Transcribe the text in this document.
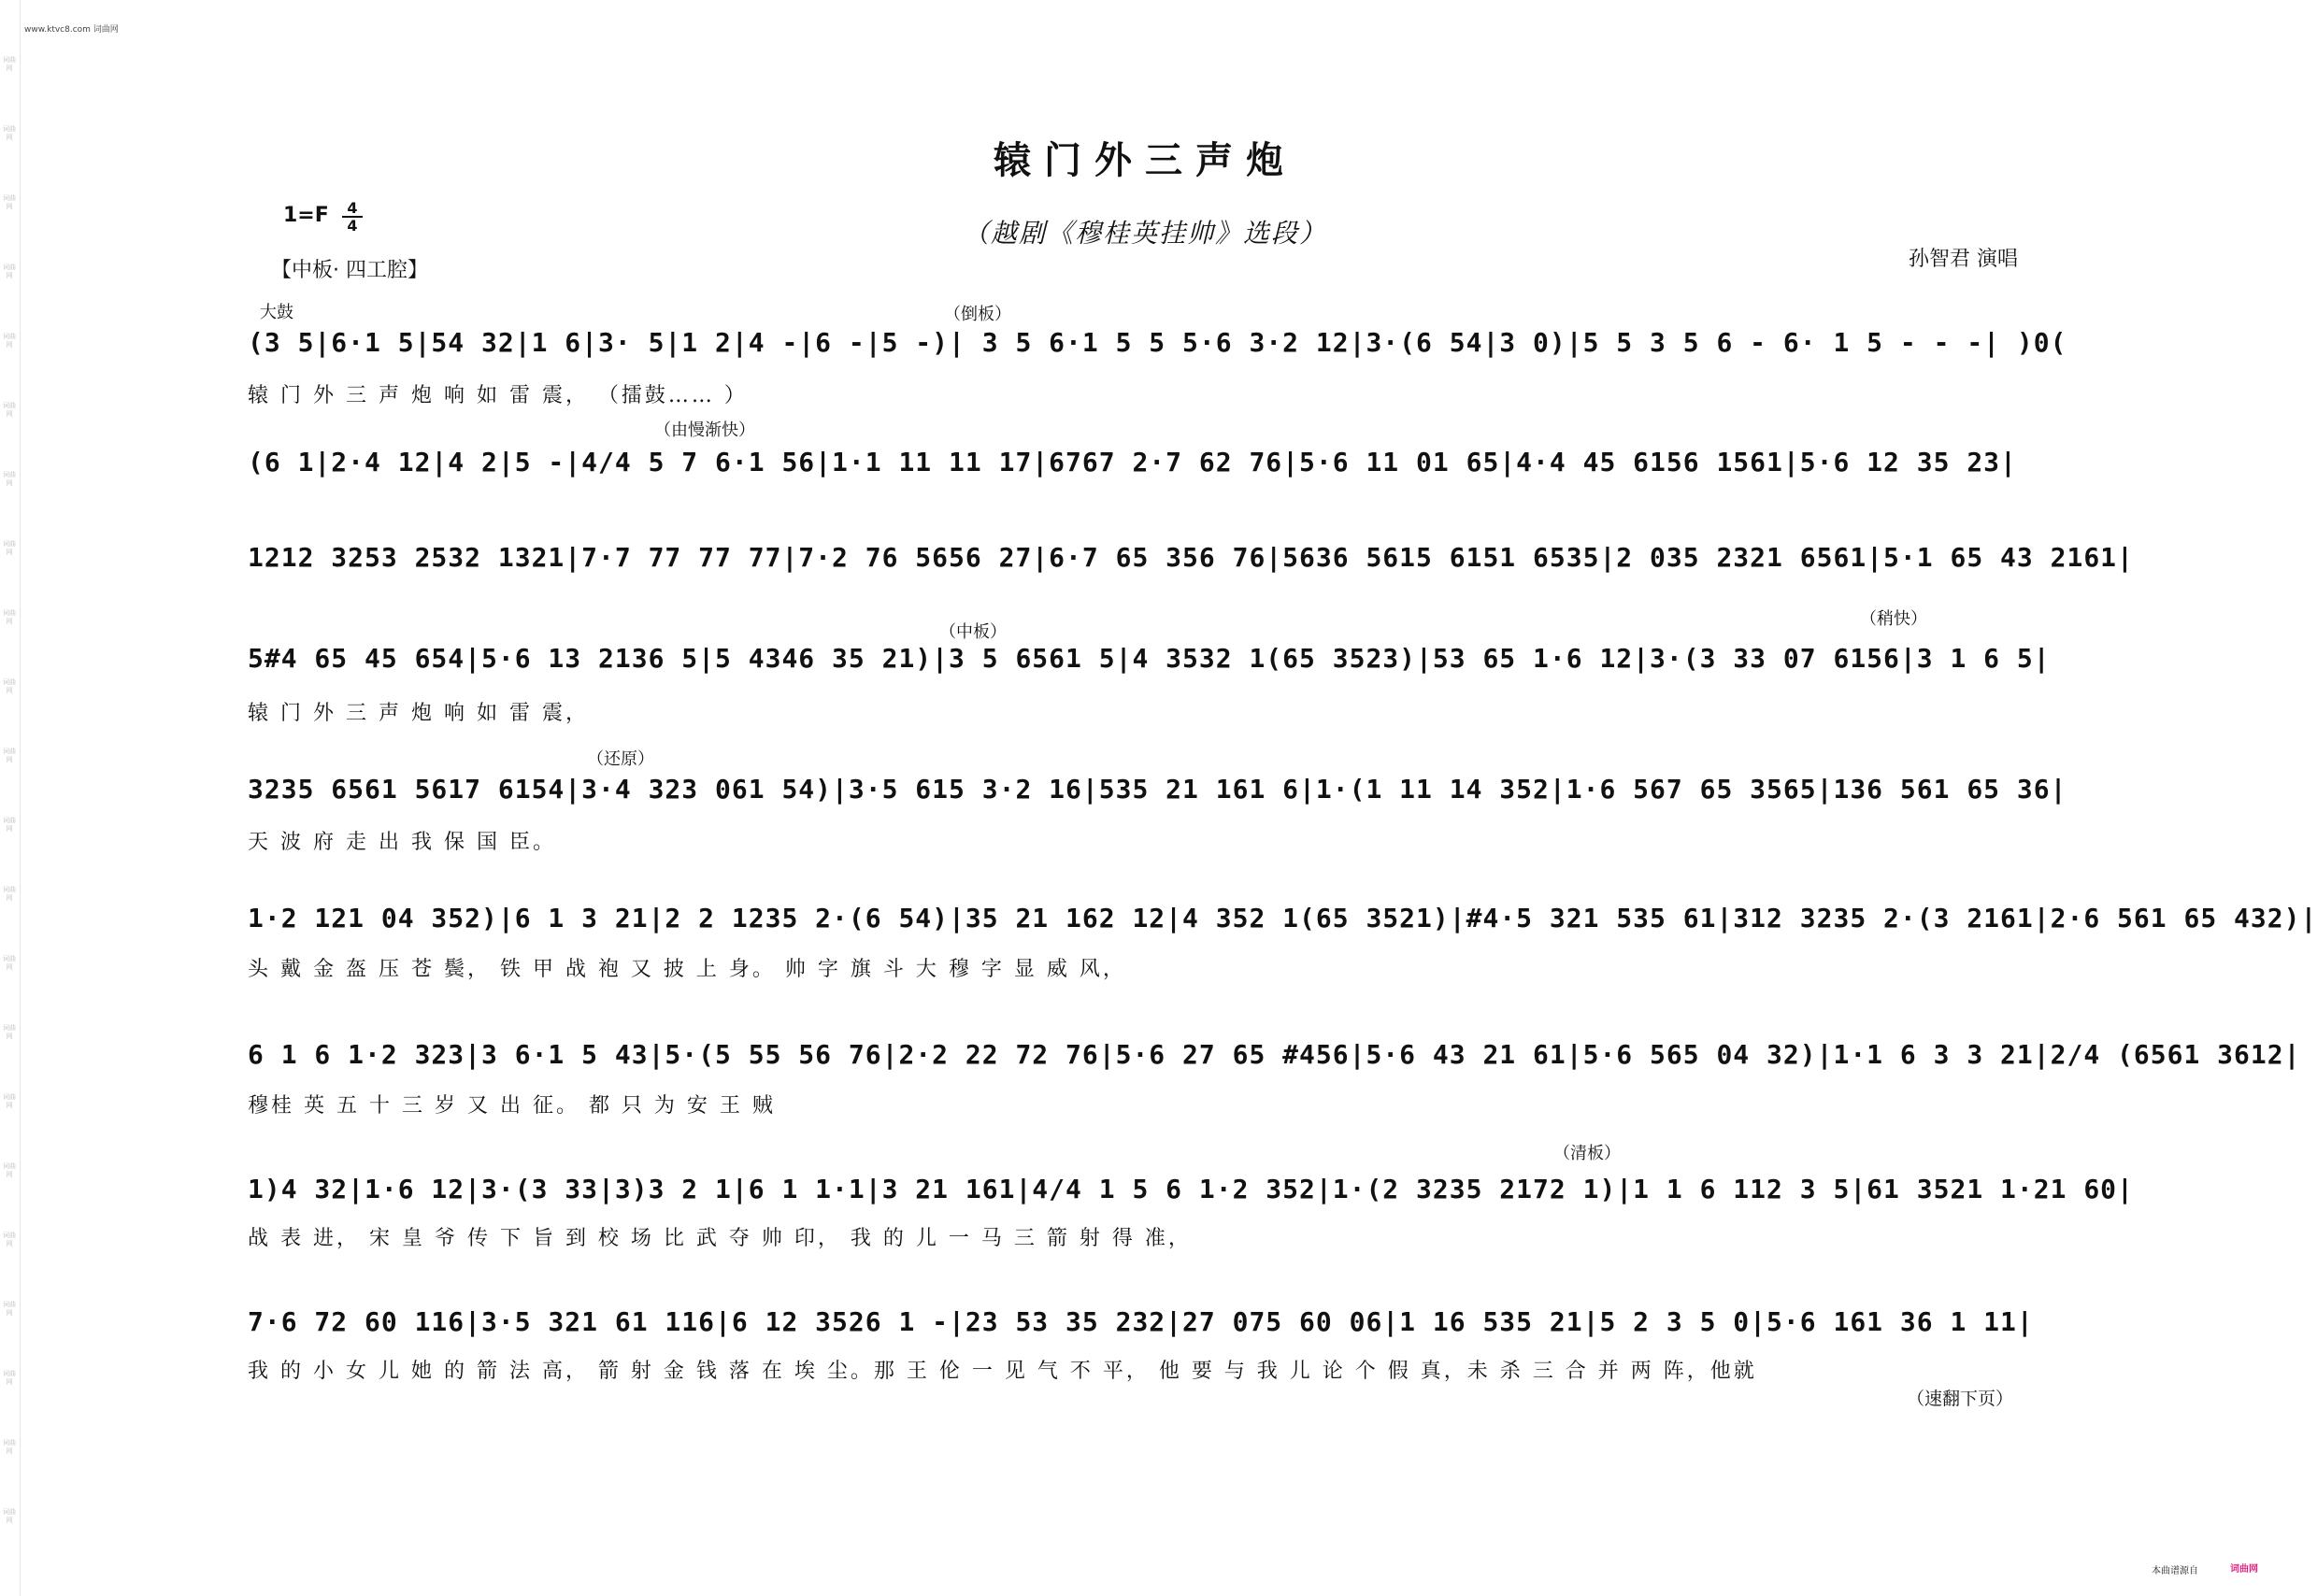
词曲网
词曲网
词曲网
词曲网
词曲网
词曲网
词曲网
词曲网
词曲网
词曲网
词曲网
词曲网
词曲网
词曲网
词曲网
词曲网
词曲网
词曲网
词曲网
词曲网
词曲网
词曲网
www.ktvc8.com 词曲网
辕门外三声炮
（越剧《穆桂英挂帅》选段）
$1=F \frac{4}{4}$
【中板· 四工腔】	孙智君 演唱
大鼓	（倒板）
（由慢渐快）
（中板）
（稍快）
（还原）
（清板）
(3 5|6·1 5|54 32|1 6|3· 5|1 2|4 -|6 -|5 -)| 3 5 6·1 5 5 5·6 3·2 12|3·(6 54|3 0)|5 5 3 5 6 - 6· 1 5 - - -| )0(
辕 门 外 三 声 炮 响 如 雷 震， （擂鼓…… ）
(6 1|2·4 12|4 2|5 -|4/4 5 7 6·1 56|1·1 11 11 17|6767 2·7 62 76|5·6 11 01 65|4·4 45 6156 1561|5·6 12 35 23|
1212 3253 2532 1321|7·7 77 77 77|7·2 76 5656 27|6·7 65 356 76|5636 5615 6151 6535|2 035 2321 6561|5·1 65 43 2161|
5#4 65 45 654|5·6 13 2136 5|5 4346 35 21)|3 5 6561 5|4 3532 1(65 3523)|53 65 1·6 12|3·(3 33 07 6156|3 1 6 5|
辕 门 外 三 声 炮 响 如 雷 震，
3235 6561 5617 6154|3·4 323 061 54)|3·5 615 3·2 16|535 21 161 6|1·(1 11 14 352|1·6 567 65 3565|136 561 65 36|
天 波 府 走 出 我 保 国 臣。
1·2 121 04 352)|6 1 3 21|2 2 1235 2·(6 54)|35 21 162 12|4 352 1(65 3521)|#4·5 321 535 61|312 3235 2·(3 2161|2·6 561 65 432)|
头 戴 金 盔 压 苍 鬓， 铁 甲 战 袍 又 披 上 身。 帅 字 旗 斗 大 穆 字 显 威 风，
6 1 6 1·2 323|3 6·1 5 43|5·(5 55 56 76|2·2 22 72 76|5·6 27 65 #456|5·6 43 21 61|5·6 565 04 32)|1·1 6 3 3 21|2/4 (6561 3612|
穆桂 英 五 十 三 岁 又 出 征。 都 只 为 安 王 贼
1)4 32|1·6 12|3·(3 33|3)3 2 1|6 1 1·1|3 21 161|4/4 1 5 6 1·2 352|1·(2 3235 2172 1)|1 1 6 112 3 5|61 3521 1·21 60|
战 表 进， 宋 皇 爷 传 下 旨 到 校 场 比 武 夺 帅 印， 我 的 儿 一 马 三 箭 射 得 准，
7·6 72 60 116|3·5 321 61 116|6 12 3526 1 -|23 53 35 232|27 075 60 06|1 16 535 21|5 2 3 5 0|5·6 161 36 1 11|
我 的 小 女 儿 她 的 箭 法 高， 箭 射 金 钱 落 在 埃 尘。那 王 伦 一 见 气 不 平， 他 要 与 我 儿 论 个 假 真，未 杀 三 合 并 两 阵，他就
（速翻下页）
本曲谱源自	词曲网
